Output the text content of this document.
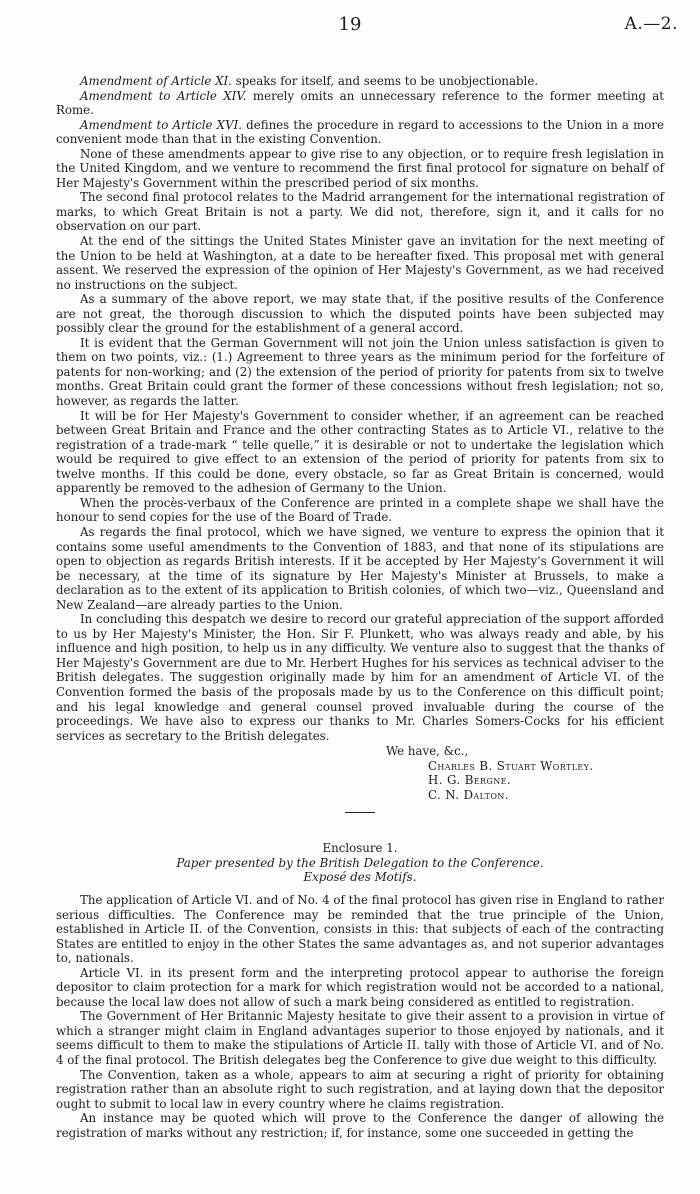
19	A.—2.

Amendment of Article XI. speaks for itself, and seems to be unobjectionable.

Amendment to Article XIV. merely omits an unnecessary reference to the former meeting at Rome.

Amendment to Article XVI. defines the procedure in regard to accessions to the Union in a more convenient mode than that in the existing Convention.

None of these amendments appear to give rise to any objection, or to require fresh legislation in the United Kingdom, and we venture to recommend the first final protocol for signature on behalf of Her Majesty's Government within the prescribed period of six months.

The second final protocol relates to the Madrid arrangement for the international registration of marks, to which Great Britain is not a party. We did not, therefore, sign it, and it calls for no observation on our part.

At the end of the sittings the United States Minister gave an invitation for the next meeting of the Union to be held at Washington, at a date to be hereafter fixed. This proposal met with general assent. We reserved the expression of the opinion of Her Majesty's Government, as we had received no instructions on the subject.

As a summary of the above report, we may state that, if the positive results of the Conference are not great, the thorough discussion to which the disputed points have been subjected may possibly clear the ground for the establishment of a general accord.

It is evident that the German Government will not join the Union unless satisfaction is given to them on two points, viz.: (1.) Agreement to three years as the minimum period for the forfeiture of patents for non-working; and (2) the extension of the period of priority for patents from six to twelve months. Great Britain could grant the former of these concessions without fresh legislation; not so, however, as regards the latter.

It will be for Her Majesty's Government to consider whether, if an agreement can be reached between Great Britain and France and the other contracting States as to Article VI., relative to the registration of a trade-mark “ telle quelle,” it is desirable or not to undertake the legislation which would be required to give effect to an extension of the period of priority for patents from six to twelve months. If this could be done, every obstacle, so far as Great Britain is concerned, would apparently be removed to the adhesion of Germany to the Union.

When the procès-verbaux of the Conference are printed in a complete shape we shall have the honour to send copies for the use of the Board of Trade.

As regards the final protocol, which we have signed, we venture to express the opinion that it contains some useful amendments to the Convention of 1883, and that none of its stipulations are open to objection as regards British interests. If it be accepted by Her Majesty's Government it will be necessary, at the time of its signature by Her Majesty's Minister at Brussels, to make a declaration as to the extent of its application to British colonies, of which two—viz., Queensland and New Zealand—are already parties to the Union.

In concluding this despatch we desire to record our grateful appreciation of the support afforded to us by Her Majesty's Minister, the Hon. Sir F. Plunkett, who was always ready and able, by his influence and high position, to help us in any difficulty. We venture also to suggest that the thanks of Her Majesty's Government are due to Mr. Herbert Hughes for his services as technical adviser to the British delegates. The suggestion originally made by him for an amendment of Article VI. of the Convention formed the basis of the proposals made by us to the Conference on this difficult point; and his legal knowledge and general counsel proved invaluable during the course of the proceedings. We have also to express our thanks to Mr. Charles Somers-Cocks for his efficient services as secretary to the British delegates.

We have, &c.,
Charles B. Stuart Wortley.
H. G. Bergne.
C. N. Dalton.
Enclosure 1.
Paper presented by the British Delegation to the Conference.
Exposé des Motifs.

The application of Article VI. and of No. 4 of the final protocol has given rise in England to rather serious difficulties. The Conference may be reminded that the true principle of the Union, established in Article II. of the Convention, consists in this: that subjects of each of the contracting States are entitled to enjoy in the other States the same advantages as, and not superior advantages to, nationals.

Article VI. in its present form and the interpreting protocol appear to authorise the foreign depositor to claim protection for a mark for which registration would not be accorded to a national, because the local law does not allow of such a mark being considered as entitled to registration.

The Government of Her Britannic Majesty hesitate to give their assent to a provision in virtue of which a stranger might claim in England advantages superior to those enjoyed by nationals, and it seems difficult to them to make the stipulations of Article II. tally with those of Article VI. and of No. 4 of the final protocol. The British delegates beg the Conference to give due weight to this difficulty.

The Convention, taken as a whole, appears to aim at securing a right of priority for obtaining registration rather than an absolute right to such registration, and at laying down that the depositor ought to submit to local law in every country where he claims registration.

An instance may be quoted which will prove to the Conference the danger of allowing the registration of marks without any restriction; if, for instance, some one succeeded in getting the
